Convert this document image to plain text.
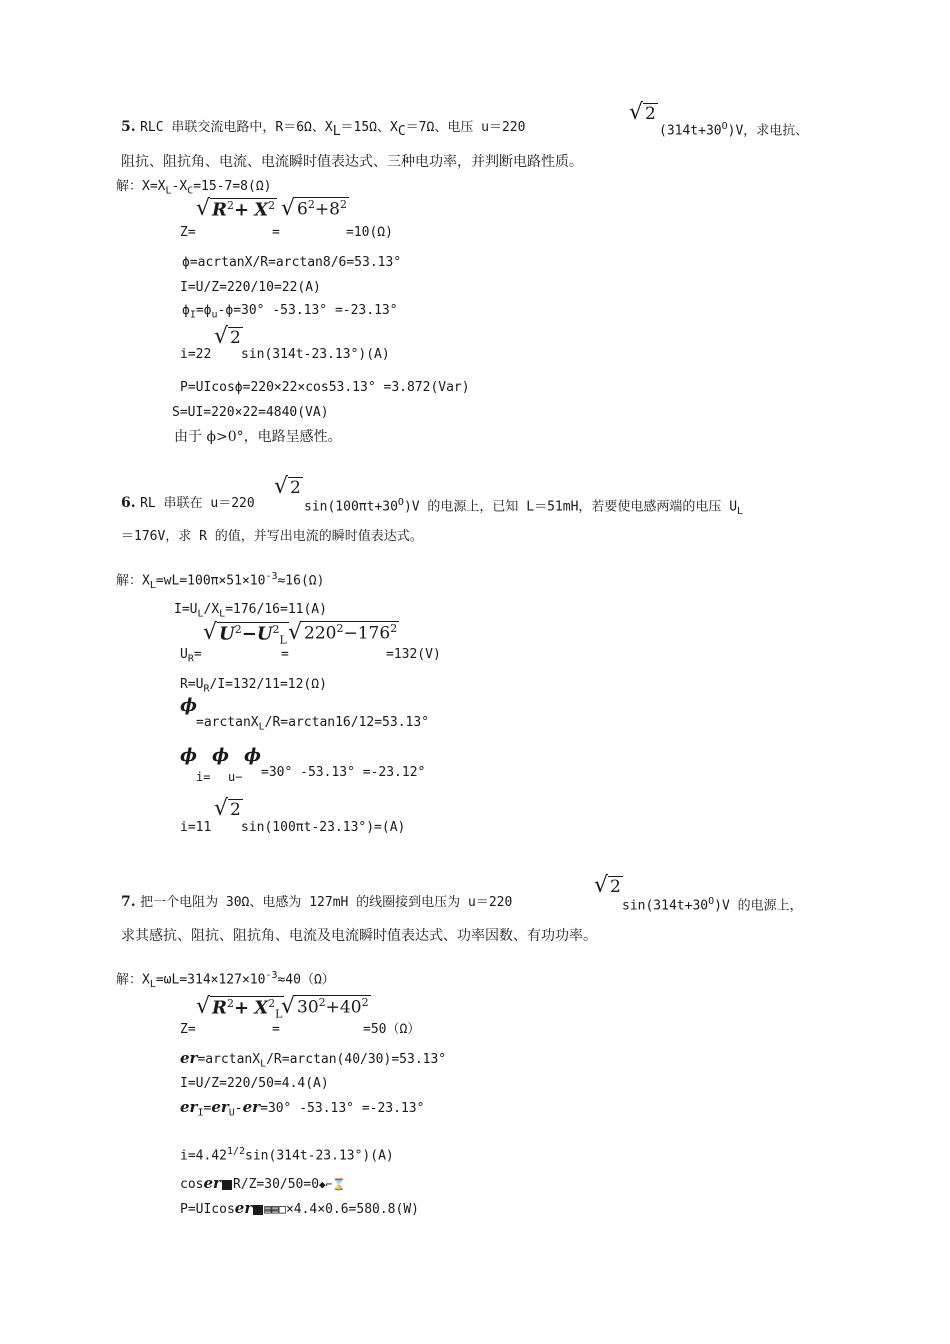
5. RLC 串联交流电路中，R＝6Ω、$X_L=15\Omega$、$X_C=7\Omega$、电压 u＝220
√ 2
$(314t+30^O)V$，求电抗、
阻抗、阻抗角、电流、电流瞬时值表达式、三种电功率，并判断电路性质。
解：$X=X_L-X_C=15-7=8(\Omega)$
Z=
√ $R^2+ X^2$
=
√ $6^2+8^2$
=10(Ω)
ϕ=acrtanX/R=arctan8/6=53.13°
I=U/Z=220/10=22(A)
$\phi_I=\phi_u-\phi=30^\circ$ -53.13° =-23.13°
i=22
√ 2
sin(314t-23.13°)(A)
P=UIcosϕ=220×22×cos53.13° =3.872(Var)
S=UI=220×22=4840(VA)
由于 ϕ>0°，电路呈感性。
6. RL 串联在 u＝220
√ 2
$\sin(100\pi t+30^O)V$ 的电源上，已知 L＝51mH，若要使电感两端的电压 $U_L$
＝176V，求 R 的值，并写出电流的瞬时值表达式。
解：$X_L=wL=100\pi\times 51\times 10^{-3}\approx 16(\Omega)$
$I=U_L/X_L=176/16=11(A)$
$U_R=$
√ $U^2-U^2_L$
=
√ $220^2-176^2$
=132(V)
$R=U_R/I=132/11=12(\Omega)$
ϕ
=arctanX$_L$/R=arctan16/12=53.13°
ϕ ϕ ϕ
i= u− =30° -53.13° =-23.12°
i=11
√ 2
sin(100πt-23.13°)=(A)
7. 把一个电阻为 30Ω、电感为 127mH 的线圈接到电压为 u＝220
√ 2
$\sin(314t+30^O)V$ 的电源上，
求其感抗、阻抗、阻抗角、电流及电流瞬时值表达式、功率因数、有功功率。
解：$X_L=\omega L=314\times 127\times 10^{-3}\approx 40(\Omega)$
Z=
√ $R^2+ X^2_L$
=
√ $30^2+40^2$
=50（Ω）
er=arctanX$_L$/R=arctan(40/30)=53.13°
I=U/Z=220/50=4.4(A)
$er_I=er_U-er=30^\circ$ -53.13° =-23.13°
$i=4.42^{1/2}\sin(314t-23.13^\circ)(A)$
coser R/Z=30/50=0◆⌐⌛
P=UIcoser ▤▤□×4.4×0.6=580.8(W)
